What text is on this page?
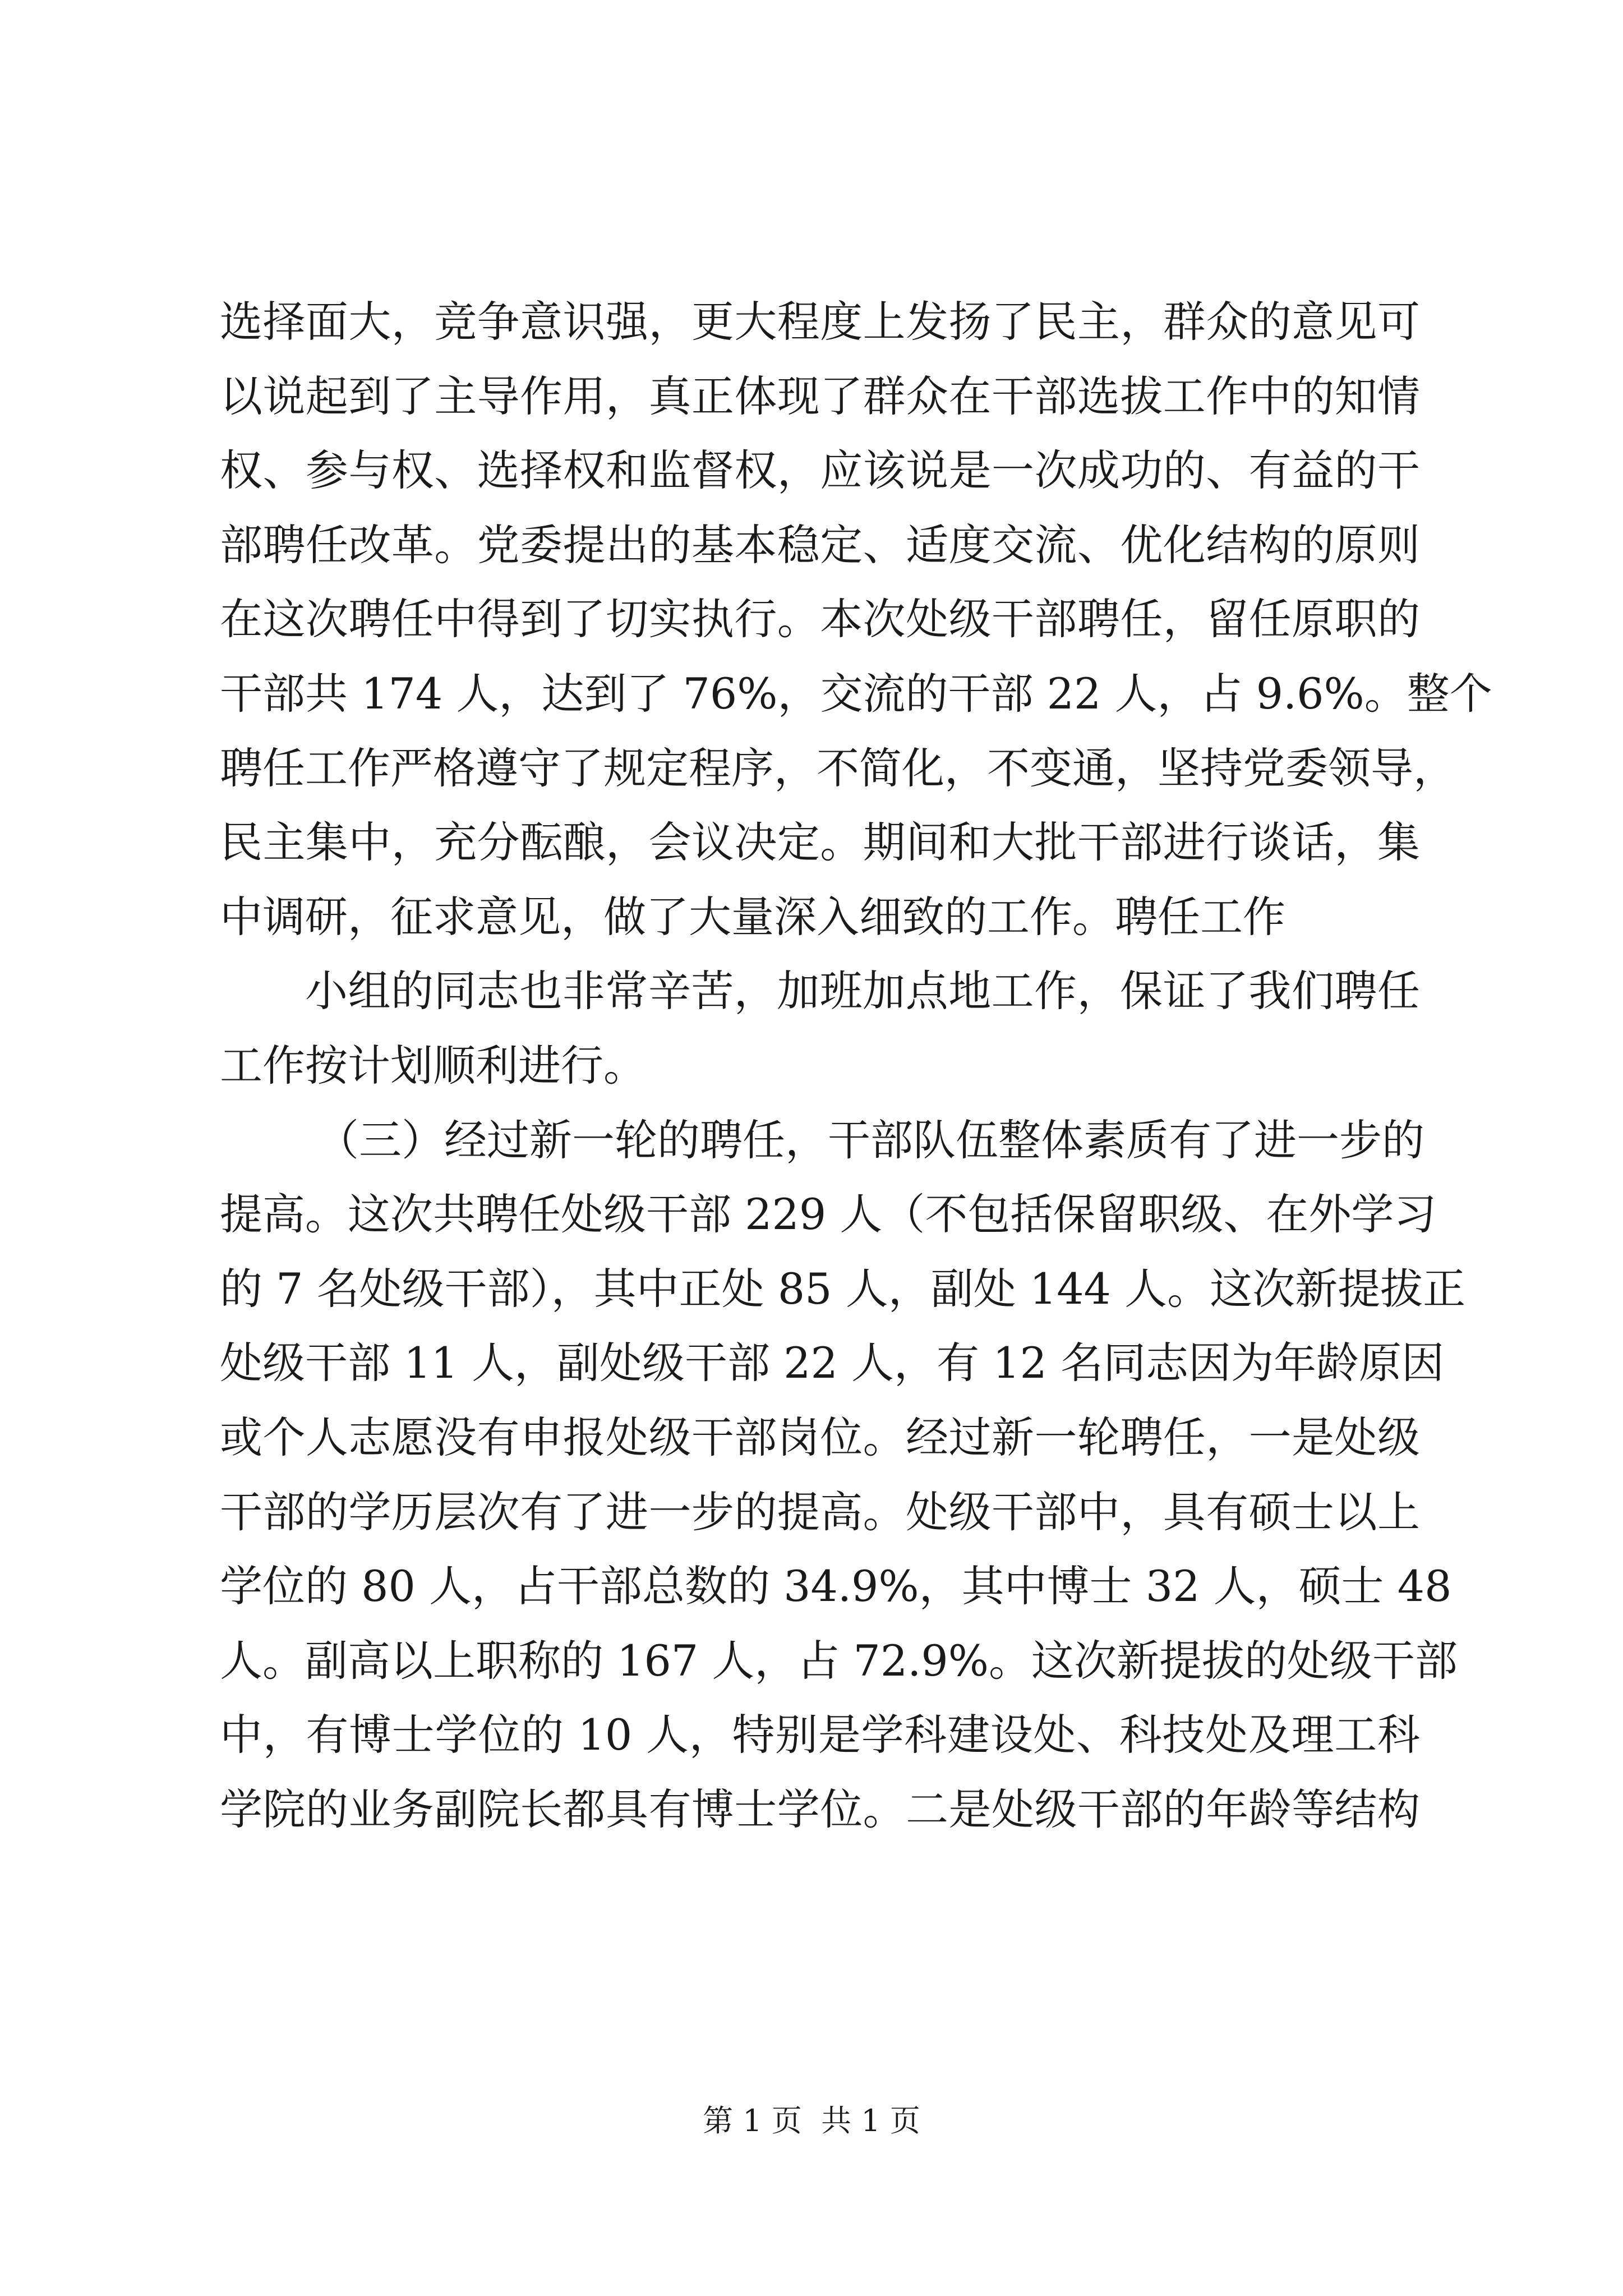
选择面大，竞争意识强，更大程度上发扬了民主，群众的意见可
以说起到了主导作用，真正体现了群众在干部选拔工作中的知情
权、参与权、选择权和监督权，应该说是一次成功的、有益的干
部聘任改革。党委提出的基本稳定、适度交流、优化结构的原则
在这次聘任中得到了切实执行。本次处级干部聘任，留任原职的
干部共 174 人，达到了 76%，交流的干部 22 人，占 9.6%。整个
聘任工作严格遵守了规定程序，不简化，不变通，坚持党委领导，
民主集中，充分酝酿，会议决定。期间和大批干部进行谈话，集
中调研，征求意见，做了大量深入细致的工作。聘任工作
小组的同志也非常辛苦，加班加点地工作，保证了我们聘任
工作按计划顺利进行。
（三）经过新一轮的聘任，干部队伍整体素质有了进一步的
提高。这次共聘任处级干部 229 人（不包括保留职级、在外学习
的 7 名处级干部），其中正处 85 人，副处 144 人。这次新提拔正
处级干部 11 人，副处级干部 22 人，有 12 名同志因为年龄原因
或个人志愿没有申报处级干部岗位。经过新一轮聘任，一是处级
干部的学历层次有了进一步的提高。处级干部中，具有硕士以上
学位的 80 人，占干部总数的 34.9%，其中博士 32 人，硕士 48
人。副高以上职称的 167 人，占 72.9%。这次新提拔的处级干部
中，有博士学位的 10 人，特别是学科建设处、科技处及理工科
学院的业务副院长都具有博士学位。二是处级干部的年龄等结构
第 1 页  共 1 页
